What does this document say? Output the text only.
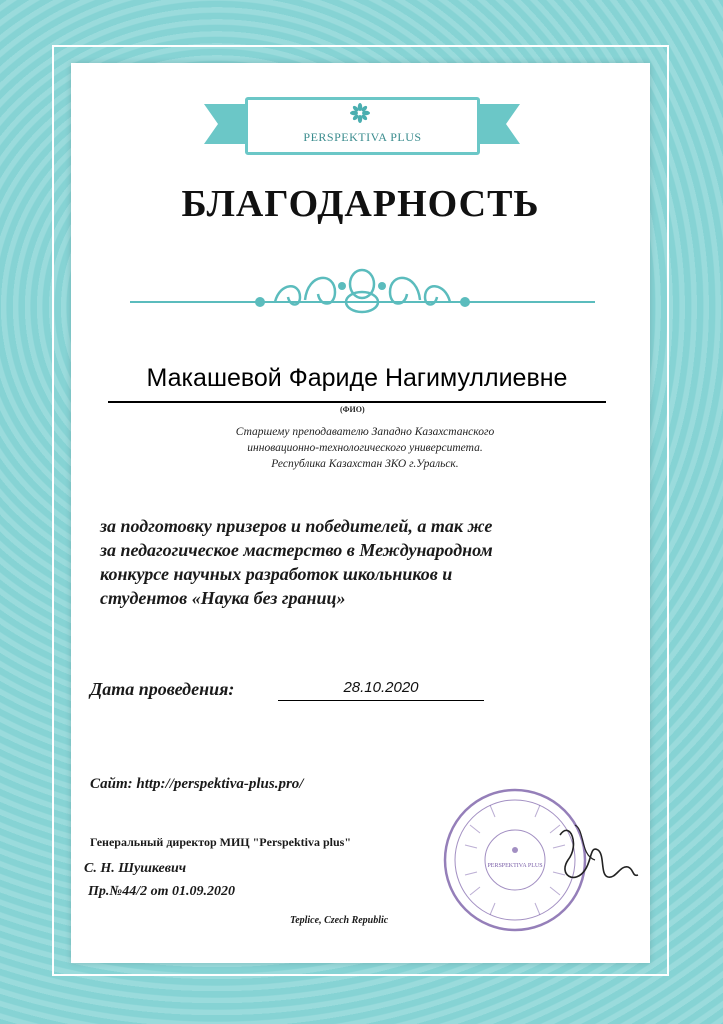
PERSPEKTIVA PLUS
БЛАГОДАРНОСТЬ
Макашевой Фариде Нагимуллиевне
(ФИО)
Старшему преподавателю Западно Казахстанского
инновационно-технологического университета.
Республика Казахстан ЗКО г.Уральск.
за подготовку призеров и победителей, а так же
за педагогическое мастерство в Международном
конкурсе научных разработок школьников и
студентов «Наука без границ»
Дата проведения:	28.10.2020
Сайт: http://perspektiva-plus.pro/
Генеральный директор МИЦ "Perspektiva plus"
С. Н. Шушкевич
Пр.№44/2 от 01.09.2020
Teplice, Czech Republic
PERSPEKTIVA PLUS
